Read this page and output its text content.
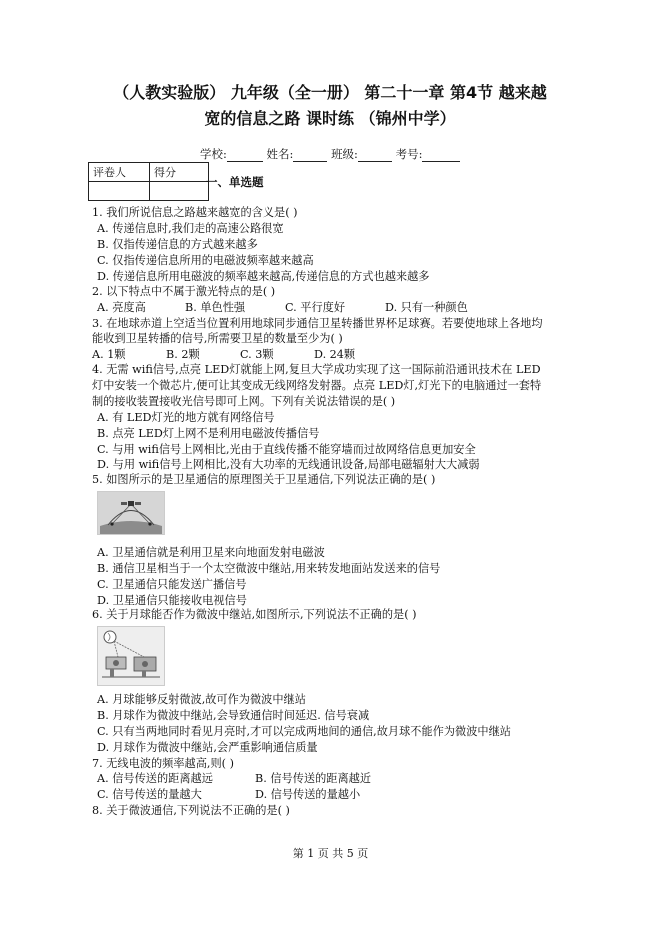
（人教实验版） 九年级（全一册） 第二十一章 第4节 越来越
宽的信息之路 课时练 （锦州中学）
学校:	姓名:	班级:	考号:
评卷人	得分

一、单选题
1. 我们所说信息之路越来越宽的含义是( )
A. 传递信息时,我们走的高速公路很宽
B. 仅指传递信息的方式越来越多
C. 仅指传递信息所用的电磁波频率越来越高
D. 传递信息所用电磁波的频率越来越高,传递信息的方式也越来越多
2. 以下特点中不属于激光特点的是( )
A. 亮度高	B. 单色性强	C. 平行度好	D. 只有一种颜色
3. 在地球赤道上空适当位置利用地球同步通信卫星转播世界杯足球赛。若要使地球上各地均
能收到卫星转播的信号,所需要卫星的数量至少为( )
A. 1颗	B. 2颗	C. 3颗	D. 24颗
4. 无需 wifi信号,点亮 LED灯就能上网,复旦大学成功实现了这一国际前沿通讯技术在 LED
灯中安装一个微芯片,便可让其变成无线网络发射器。点亮 LED灯,灯光下的电脑通过一套特
制的接收装置接收光信号即可上网。下列有关说法错误的是( )
A. 有 LED灯光的地方就有网络信号
B. 点亮 LED灯上网不是利用电磁波传播信号
C. 与用 wifi信号上网相比,光由于直线传播不能穿墙而过故网络信息更加安全
D. 与用 wifi信号上网相比,没有大功率的无线通讯设备,局部电磁辐射大大减弱
5. 如图所示的是卫星通信的原理图关于卫星通信,下列说法正确的是( )
A. 卫星通信就是利用卫星来向地面发射电磁波
B. 通信卫星相当于一个太空微波中继站,用来转发地面站发送来的信号
C. 卫星通信只能发送广播信号
D. 卫星通信只能接收电视信号
6. 关于月球能否作为微波中继站,如图所示,下列说法不正确的是( )
A. 月球能够反射微波,故可作为微波中继站
B. 月球作为微波中继站,会导致通信时间延迟. 信号衰减
C. 只有当两地同时看见月亮时,才可以完成两地间的通信,故月球不能作为微波中继站
D. 月球作为微波中继站,会严重影响通信质量
7. 无线电波的频率越高,则( )
A. 信号传送的距离越远	B. 信号传送的距离越近
C. 信号传送的量越大	D. 信号传送的量越小
8. 关于微波通信,下列说法不正确的是( )
第 1 页 共 5 页
